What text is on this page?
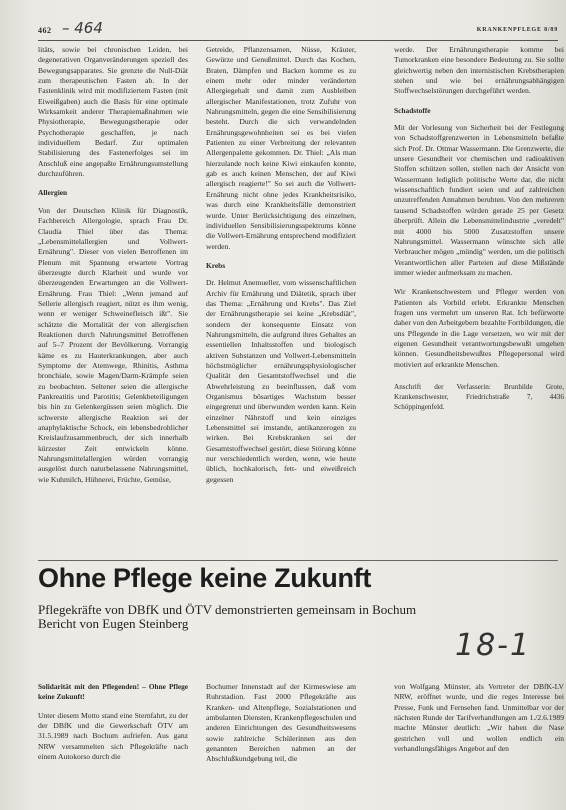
462 – 464	KRANKENPFLEGE 8/89

litäts, sowie bei chronischen Leiden, bei degenerativen Organveränderungen speziell des Bewegungsapparates. Sie grenzte die Null-Diät zum therapeutischen Fasten ab. In der Fastenklinik wird mit modifiziertem Fasten (mit Eiweißgaben) auch die Basis für eine optimale Wirksamkeit anderer Therapiemaßnahmen wie Physiotherapie, Bewegungstherapie oder Psychotherapie geschaffen, je nach individuellem Bedarf. Zur optimalen Stabilisierung des Fastenerfolges sei im Anschluß eine angepaßte Ernährungsumstellung durchzuführen.

Allergien

Von der Deutschen Klinik für Diagnostik, Fachbereich Allergologie, sprach Frau Dr. Claudia Thiel über das Thema: „Lebensmittelallergien und Vollwert-Ernährung". Dieser von vielen Betroffenen im Plenum mit Spannung erwartete Vortrag überzeugte durch Klarheit und wurde vor überzeugenden Erwartungen an die Vollwert-Ernährung. Frau Thiel: „Wenn jemand auf Sellerie allergisch reagiert, nützt es ihm wenig, wenn er weniger Schweinefleisch ißt". Sie schätzte die Mortalität der von allergischen Reaktionen durch Nahrungsmittel Betroffenen auf 5–7 Prozent der Bevölkerung. Vorrangig käme es zu Hauterkrankungen, aber auch Symptome der Atemwege, Rhinitis, Asthma bronchiale, sowie Magen/Darm-Krämpfe seien zu beobachten. Seltener seien die allergische Pankreatitis und Parotitis; Gelenkbeteiligungen bis hin zu Gelenkergüssen seien möglich. Die schwerste allergische Reaktion sei der anaphylaktische Schock, ein lebensbedrohlicher Kreislaufzusammenbruch, der sich innerhalb kürzester Zeit entwickeln könne. Nahrungsmittelallergien würden vorrangig ausgelöst durch naturbelassene Nahrungsmittel, wie Kuhmilch, Hühnerei, Früchte, Gemüse,

Getreide, Pflanzensamen, Nüsse, Kräuter, Gewürze und Genußmittel. Durch das Kochen, Braten, Dämpfen und Backen komme es zu einem mehr oder minder veränderten Allergiegehalt und damit zum Ausbleiben allergischer Manifestationen, trotz Zufuhr von Nahrungsmitteln, gegen die eine Sensibilisierung besteht. Durch die sich verwandelnden Ernährungsgewohnheiten sei es bei vielen Patienten zu einer Verbreitung der relevanten Allergenpalette gekommen. Dr. Thiel: „Als man hierzulande noch keine Kiwi einkaufen konnte, gab es auch keinen Menschen, der auf Kiwi allergisch reagierte!" So sei auch die Vollwert-Ernährung nicht ohne jedes Krankheitsrisiko, was durch eine Krankheitsfälle demonstriert wurde. Unter Berücksichtigung des einzelnen, individuellen Sensibilisierungsspektrums könne die Vollwert-Ernährung entsprechend modifiziert werden.

Krebs

Dr. Helmut Anemueller, vom wissenschaftlichen Archiv für Ernährung und Diätetik, sprach über das Thema: „Ernährung und Krebs". Das Ziel der Ernährungstherapie sei keine „Krebsdiät", sondern der konsequente Einsatz von Nahrungsmitteln, die aufgrund ihres Gehaltes an essentiellen Inhaltsstoffen und biologisch aktiven Substanzen und Vollwert-Lebensmitteln höchstmöglicher ernährungsphysiologischer Qualität den Gesamtstoffwechsel und die Abwehrleistung zu beeinflussen, daß vom Organismus bösartiges Wachstum besser eingegrenzt und überwunden werden kann. Kein einzelner Nährstoff und kein einziges Lebensmittel sei imstande, antikanzerogen zu wirken. Bei Krebskranken sei der Gesamtstoffwechsel gestört, diese Störung könne nur verschiedentlich werden, wenn, wie heute üblich, hochkalorisch, fett- und eiweißreich gegessen

werde. Der Ernährungstherapie komme bei Tumorkranken eine besondere Bedeutung zu. Sie sollte gleichwertig neben den internistischen Krebstherapien stehen und wie bei ernährungsabhängigen Stoffwechselstörungen durchgeführt werden.

Schadstoffe

Mit der Vorlesung von Sicherheit bei der Festlegung von Schadstoffgrenzwerten in Lebensmitteln befaßte sich Prof. Dr. Ottmar Wassermann. Die Grenzwerte, die unsere Gesundheit vor chemischen und radioaktiven Stoffen schützen sollen, stellen nach der Ansicht von Wassermann lediglich politische Werte dar, die nicht wissenschaftlich fundiert seien und auf zahlreichen unzutreffenden Annahmen beruhten. Von den mehreren tausend Schadstoffen würden gerade 25 per Gesetz überprüft. Allein die Lebensmittelindustrie „veredelt" mit 4000 bis 5000 Zusatzstoffen unsere Nahrungsmittel. Wassermann wünschte sich alle Verbraucher mögen „mündig" werden, um die politisch Verantwortlichen aller Parteien auf diese Mißstände immer wieder aufmerksam zu machen.

Wir Krankenschwestern und Pfleger werden von Patienten als Vorbild erlebt. Erkrankte Menschen fragen uns vermehrt um unseren Rat. Ich befürworte daher von den Arbeitgebern bezahlte Fortbildungen, die uns Pflegende in die Lage versetzen, wo wir mit der eigenen Gesundheit verantwortungsbewußt umgehen können. Gesundheitsbewußtes Pflegepersonal wird motiviert auf erkrankte Menschen.

Anschrift der Verfasserin: Brunhilde Grote, Krankenschwester, Friedrichstraße 7, 4436 Schöppingenfeld.

Ohne Pflege keine Zukunft
Pflegekräfte von DBfK und ÖTV demonstrierten gemeinsam in Bochum
Bericht von Eugen Steinberg
18-1

Solidarität mit den Pflegenden! – Ohne Pflege keine Zukunft!

Unter diesem Motto stand eine Sternfahrt, zu der der DBfK und die Gewerkschaft ÖTV am 31.5.1989 nach Bochum aufriefen. Aus ganz NRW versammelten sich Pflegekräfte nach einem Autokorso durch die

Bochumer Innenstadt auf der Kirmeswiese am Ruhrstadion. Fast 2000 Pflegekräfte aus Kranken- und Altenpflege, Sozialstationen und ambulanten Diensten, Krankenpflegeschulen und anderen Einrichtungen des Gesundheitswesens sowie zahlreiche Schülerinnen aus den genannten Bereichen nahmen an der Abschlußkundgebung teil, die

von Wolfgang Münster, als Vertreter der DBfK-LV NRW, eröffnet wurde, und die reges Interesse bei Presse, Funk und Fernsehen fand. Unmittelbar vor der nächsten Runde der Tarifverhandlungen am 1./2.6.1989 machte Münster deutlich: „Wir haben die Nase gestrichen voll und wollen endlich ein verhandlungsfähiges Angebot auf den
